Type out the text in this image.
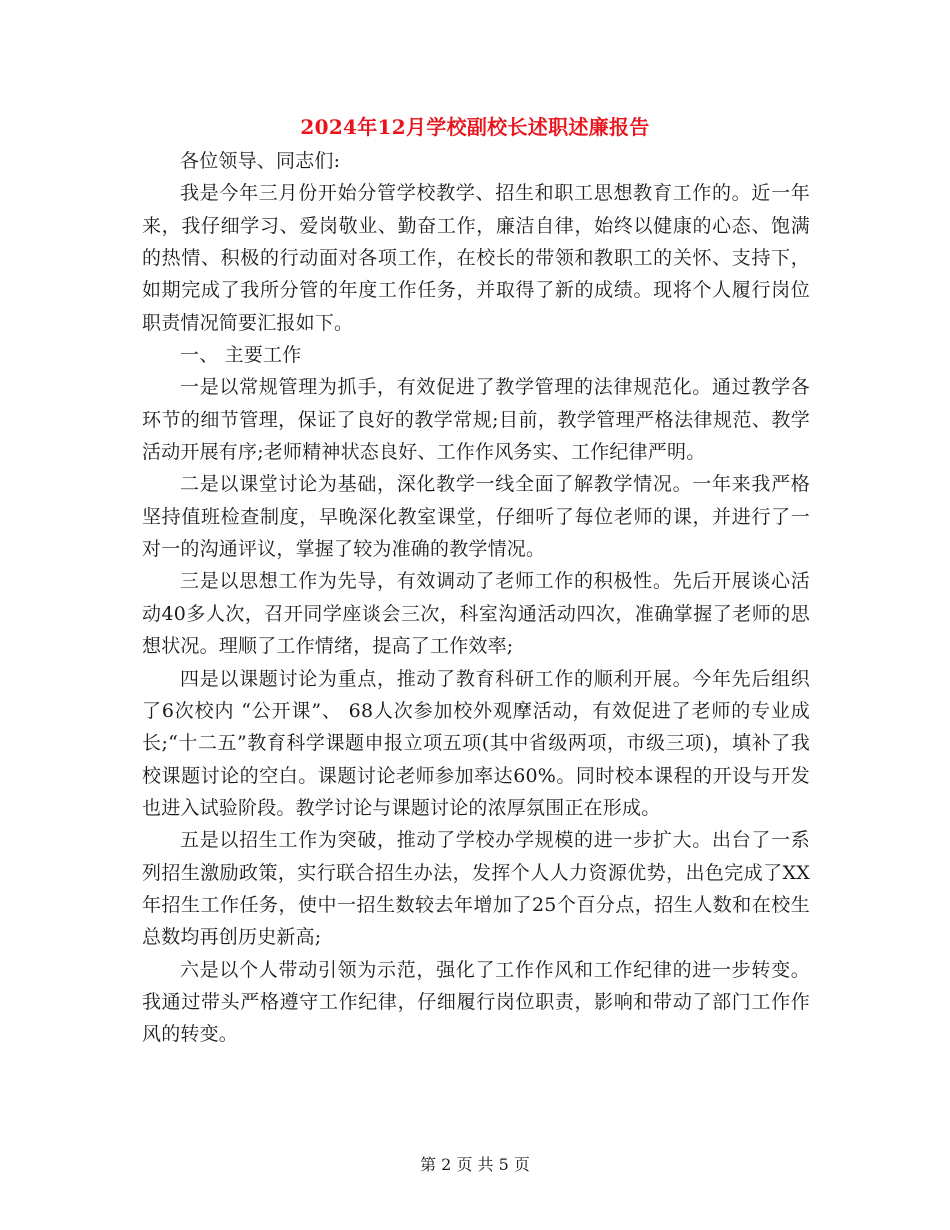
2024年12月学校副校长述职述廉报告

各位领导、同志们:

我是今年三月份开始分管学校教学、招生和职工思想教育工作的。近一年来，我仔细学习、爱岗敬业、勤奋工作，廉洁自律，始终以健康的心态、饱满的热情、积极的行动面对各项工作，在校长的带领和教职工的关怀、支持下，如期完成了我所分管的年度工作任务，并取得了新的成绩。现将个人履行岗位职责情况简要汇报如下。

一、 主要工作

一是以常规管理为抓手，有效促进了教学管理的法律规范化。通过教学各环节的细节管理，保证了良好的教学常规;目前，教学管理严格法律规范、教学活动开展有序;老师精神状态良好、工作作风务实、工作纪律严明。

二是以课堂讨论为基础，深化教学一线全面了解教学情况。一年来我严格坚持值班检查制度，早晚深化教室课堂，仔细听了每位老师的课，并进行了一对一的沟通评议，掌握了较为准确的教学情况。

三是以思想工作为先导，有效调动了老师工作的积极性。先后开展谈心活动40多人次，召开同学座谈会三次，科室沟通活动四次，准确掌握了老师的思想状况。理顺了工作情绪，提高了工作效率;

四是以课题讨论为重点，推动了教育科研工作的顺利开展。今年先后组织了6次校内 “公开课”、 68人次参加校外观摩活动，有效促进了老师的专业成长;“十二五”教育科学课题申报立项五项(其中省级两项，市级三项)，填补了我校课题讨论的空白。课题讨论老师参加率达60%。同时校本课程的开设与开发也进入试验阶段。教学讨论与课题讨论的浓厚氛围正在形成。

五是以招生工作为突破，推动了学校办学规模的进一步扩大。出台了一系列招生激励政策，实行联合招生办法，发挥个人人力资源优势，出色完成了XX年招生工作任务，使中一招生数较去年增加了25个百分点，招生人数和在校生总数均再创历史新高;

六是以个人带动引领为示范，强化了工作作风和工作纪律的进一步转变。我通过带头严格遵守工作纪律，仔细履行岗位职责，影响和带动了部门工作作风的转变。

第 2 页 共 5 页
